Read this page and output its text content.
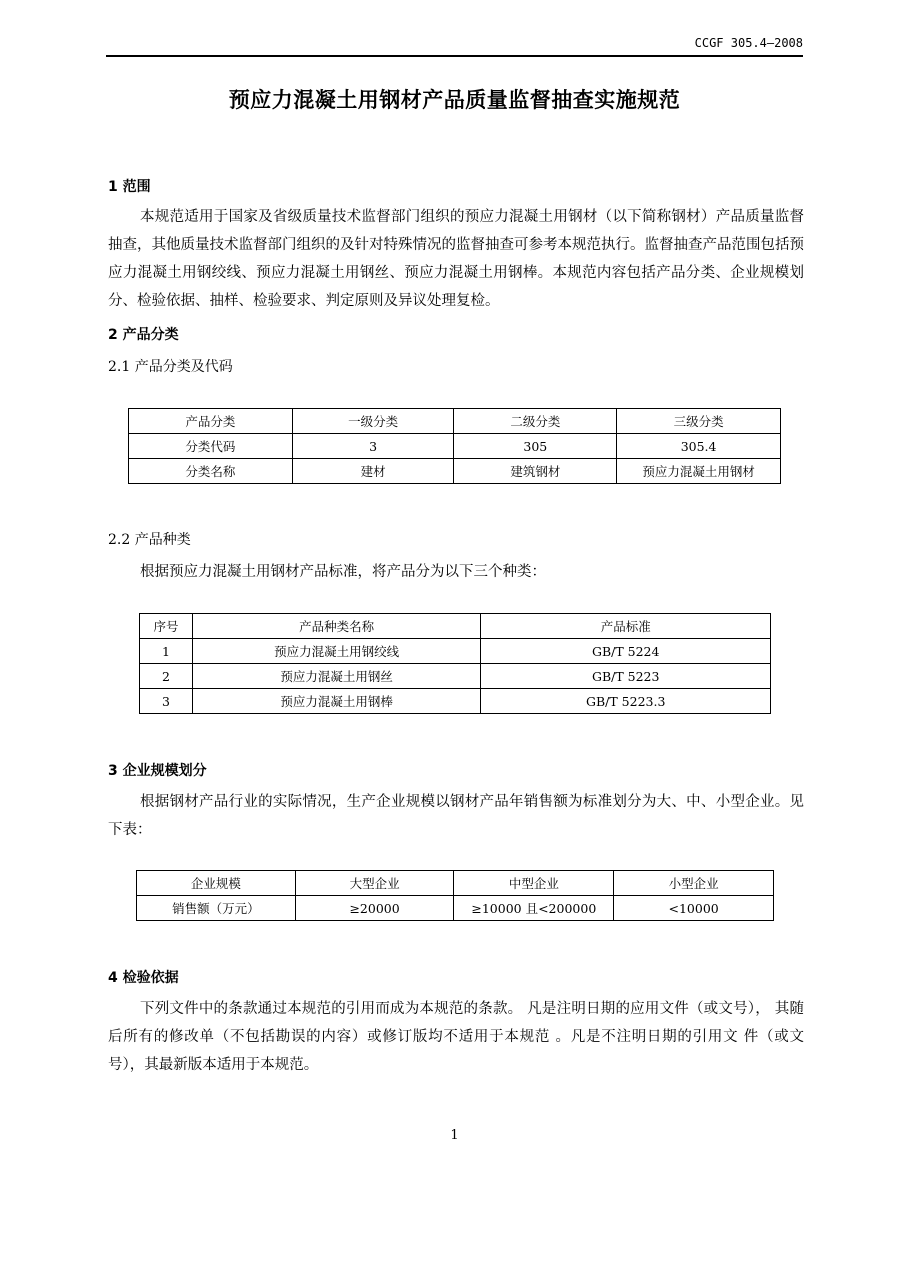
CCGF 305.4—2008
预应力混凝土用钢材产品质量监督抽查实施规范
1 范围
本规范适用于国家及省级质量技术监督部门组织的预应力混凝土用钢材（以下简称钢材）产品质量监督抽查，其他质量技术监督部门组织的及针对特殊情况的监督抽查可参考本规范执行。监督抽查产品范围包括预应力混凝土用钢绞线、预应力混凝土用钢丝、预应力混凝土用钢棒。本规范内容包括产品分类、企业规模划分、检验依据、抽样、检验要求、判定原则及异议处理复检。
2 产品分类
2.1 产品分类及代码
产品分类	一级分类	二级分类	三级分类
分类代码	3	305	305.4
分类名称	建材	建筑钢材	预应力混凝土用钢材
2.2 产品种类
根据预应力混凝土用钢材产品标准，将产品分为以下三个种类：
序号	产品种类名称	产品标准
1	预应力混凝土用钢绞线	GB/T 5224
2	预应力混凝土用钢丝	GB/T 5223
3	预应力混凝土用钢棒	GB/T 5223.3
3 企业规模划分
根据钢材产品行业的实际情况，生产企业规模以钢材产品年销售额为标准划分为大、中、小型企业。见下表：
企业规模	大型企业	中型企业	小型企业
销售额（万元）	≥20000	≥10000 且<200000	<10000
4 检验依据
下列文件中的条款通过本规范的引用而成为本规范的条款。 凡是注明日期的应用文件（或文号）， 其随后所有的修改单（不包括勘误的内容）或修订版均不适用于本规范 。凡是不注明日期的引用文 件（或文号），其最新版本适用于本规范。
1
